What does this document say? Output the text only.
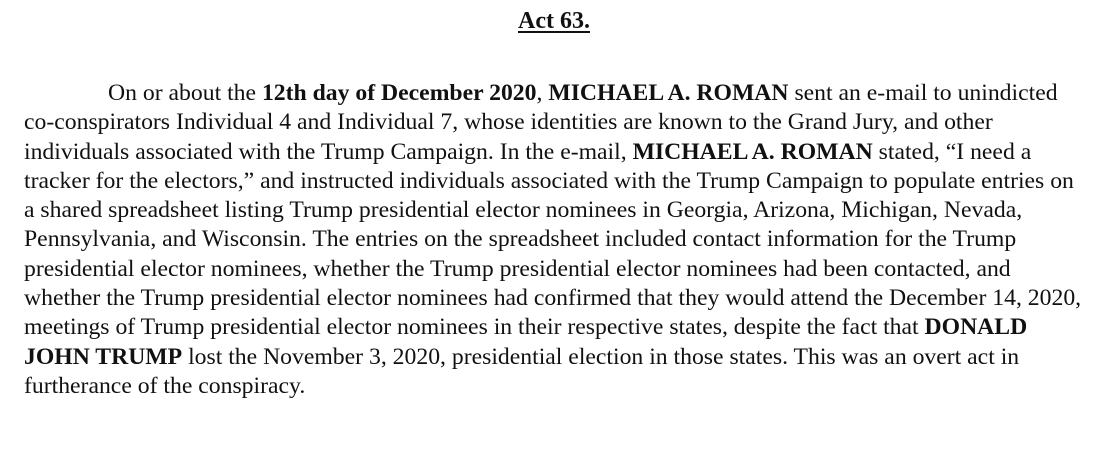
Act 63.

On or about the 12th day of December 2020, MICHAEL A. ROMAN sent an e-mail to unindicted co-conspirators Individual 4 and Individual 7, whose identities are known to the Grand Jury, and other individuals associated with the Trump Campaign. In the e-mail, MICHAEL A. ROMAN stated, “I need a tracker for the electors,” and instructed individuals associated with the Trump Campaign to populate entries on a shared spreadsheet listing Trump presidential elector nominees in Georgia, Arizona, Michigan, Nevada, Pennsylvania, and Wisconsin. The entries on the spreadsheet included contact information for the Trump presidential elector nominees, whether the Trump presidential elector nominees had been contacted, and whether the Trump presidential elector nominees had confirmed that they would attend the December 14, 2020, meetings of Trump presidential elector nominees in their respective states, despite the fact that DONALD JOHN TRUMP lost the November 3, 2020, presidential election in those states. This was an overt act in furtherance of the conspiracy.
